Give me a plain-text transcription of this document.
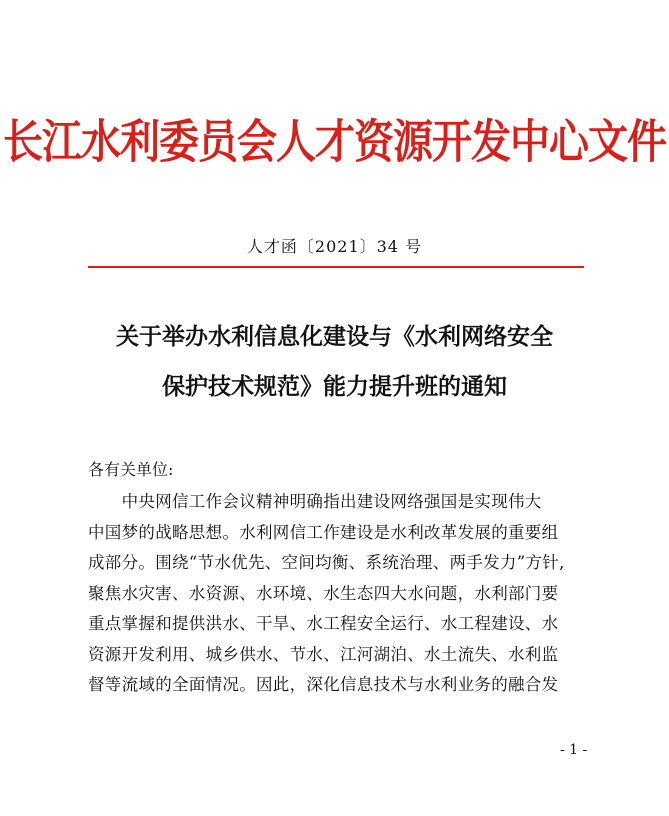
长江水利委员会人才资源开发中心文件
人才函〔2021〕34 号
关于举办水利信息化建设与《水利网络安全
保护技术规范》能力提升班的通知
各有关单位:
　　中央网信工作会议精神明确指出建设网络强国是实现伟大
中国梦的战略思想。水利网信工作建设是水利改革发展的重要组
成部分。围绕“节水优先、空间均衡、系统治理、两手发力”方针,
聚焦水灾害、水资源、水环境、水生态四大水问题，水利部门要
重点掌握和提供洪水、干旱、水工程安全运行、水工程建设、水
资源开发利用、城乡供水、节水、江河湖泊、水土流失、水利监
督等流域的全面情况。因此，深化信息技术与水利业务的融合发
- 1 -
